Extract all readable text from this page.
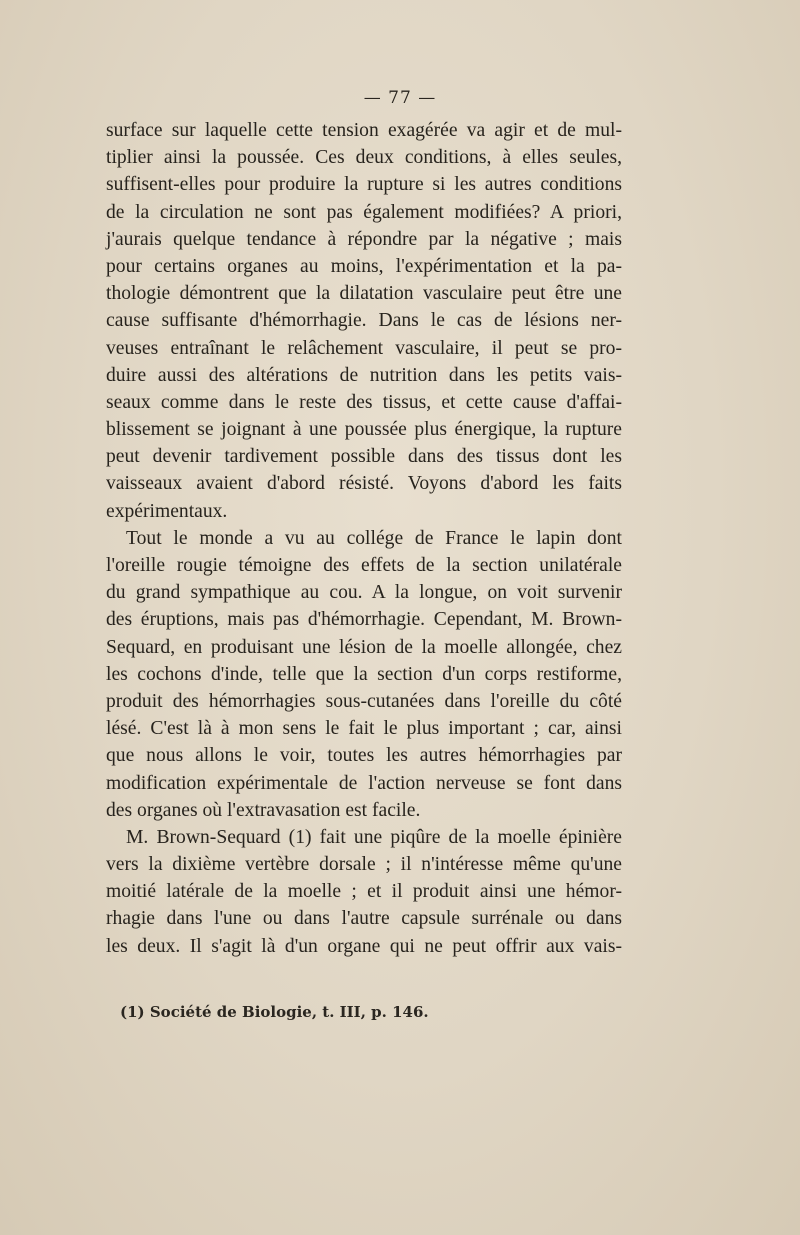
— 77 —
surface sur laquelle cette tension exagérée va agir et de mul-
tiplier ainsi la poussée. Ces deux conditions, à elles seules,
suffisent-elles pour produire la rupture si les autres conditions
de la circulation ne sont pas également modifiées? A priori,
j'aurais quelque tendance à répondre par la négative ; mais
pour certains organes au moins, l'expérimentation et la pa-
thologie démontrent que la dilatation vasculaire peut être une
cause suffisante d'hémorrhagie. Dans le cas de lésions ner-
veuses entraînant le relâchement vasculaire, il peut se pro-
duire aussi des altérations de nutrition dans les petits vais-
seaux comme dans le reste des tissus, et cette cause d'affai-
blissement se joignant à une poussée plus énergique, la rupture
peut devenir tardivement possible dans des tissus dont les
vaisseaux avaient d'abord résisté. Voyons d'abord les faits
expérimentaux.
Tout le monde a vu au collége de France le lapin dont
l'oreille rougie témoigne des effets de la section unilatérale
du grand sympathique au cou. A la longue, on voit survenir
des éruptions, mais pas d'hémorrhagie. Cependant, M. Brown-
Sequard, en produisant une lésion de la moelle allongée, chez
les cochons d'inde, telle que la section d'un corps restiforme,
produit des hémorrhagies sous-cutanées dans l'oreille du côté
lésé. C'est là à mon sens le fait le plus important ; car, ainsi
que nous allons le voir, toutes les autres hémorrhagies par
modification expérimentale de l'action nerveuse se font dans
des organes où l'extravasation est facile.
M. Brown-Sequard (1) fait une piqûre de la moelle épinière
vers la dixième vertèbre dorsale ; il n'intéresse même qu'une
moitié latérale de la moelle ; et il produit ainsi une hémor-
rhagie dans l'une ou dans l'autre capsule surrénale ou dans
les deux. Il s'agit là d'un organe qui ne peut offrir aux vais-
(1) Société de Biologie, t. III, p. 146.
